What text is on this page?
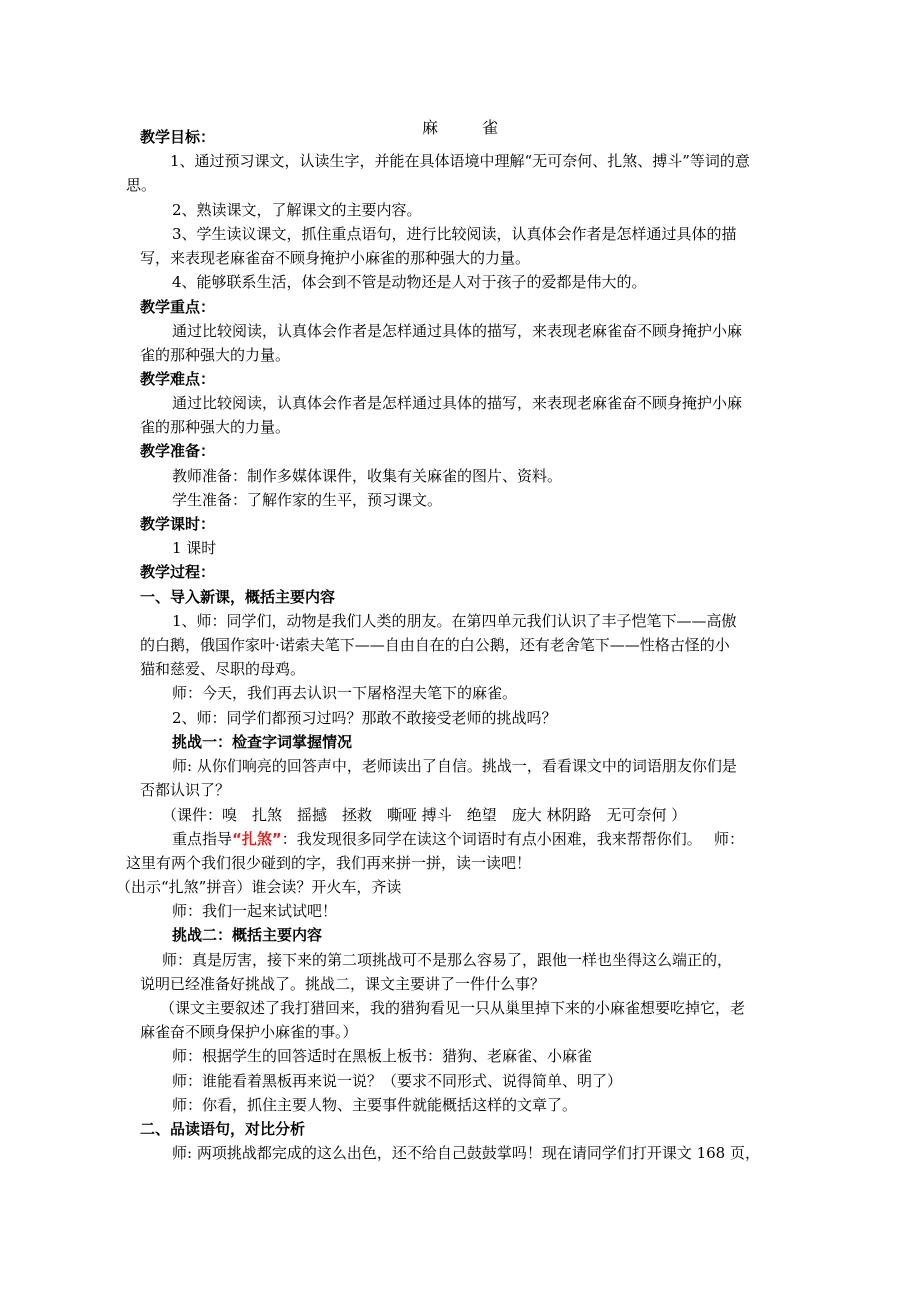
麻	雀
教学目标：
1、通过预习课文，认读生字，并能在具体语境中理解“无可奈何、扎煞、搏斗”等词的意
思。
2、熟读课文，了解课文的主要内容。
3、学生读议课文，抓住重点语句，进行比较阅读，认真体会作者是怎样通过具体的描
写，来表现老麻雀奋不顾身掩护小麻雀的那种强大的力量。
4、能够联系生活，体会到不管是动物还是人对于孩子的爱都是伟大的。
教学重点：
通过比较阅读，认真体会作者是怎样通过具体的描写，来表现老麻雀奋不顾身掩护小麻
雀的那种强大的力量。
教学难点：
通过比较阅读，认真体会作者是怎样通过具体的描写，来表现老麻雀奋不顾身掩护小麻
雀的那种强大的力量。
教学准备：
教师准备：制作多媒体课件，收集有关麻雀的图片、资料。
学生准备：了解作家的生平，预习课文。
教学课时：
1 课时
教学过程：
一、导入新课，概括主要内容
1、师：同学们，动物是我们人类的朋友。在第四单元我们认识了丰子恺笔下——高傲
的白鹅，俄国作家叶·诺索夫笔下——自由自在的白公鹅，还有老舍笔下——性格古怪的小
猫和慈爱、尽职的母鸡。
师：今天，我们再去认识一下屠格涅夫笔下的麻雀。
2、师：同学们都预习过吗？那敢不敢接受老师的挑战吗？
挑战一：检查字词掌握情况
师: 从你们响亮的回答声中，老师读出了自信。挑战一，看看课文中的词语朋友你们是
否都认识了？
（课件：嗅　扎煞　摇撼　拯救　嘶哑 搏斗　绝望　庞大 林阴路　无可奈何 ）
这里有两个我们很少碰到的字，我们再来拼一拼，读一读吧！
（出示“扎煞”拼音）谁会读？开火车，齐读
师：我们一起来试试吧！
挑战二：概括主要内容
师：真是厉害，接下来的第二项挑战可不是那么容易了，跟他一样也坐得这么端正的，
说明已经准备好挑战了。挑战二，课文主要讲了一件什么事？
（课文主要叙述了我打猎回来，我的猎狗看见一只从巢里掉下来的小麻雀想要吃掉它，老
麻雀奋不顾身保护小麻雀的事。）
师：根据学生的回答适时在黑板上板书：猎狗、老麻雀、小麻雀
师：谁能看着黑板再来说一说？（要求不同形式、说得简单、明了）
师：你看，抓住主要人物、主要事件就能概括这样的文章了。
二、品读语句，对比分析
师: 两项挑战都完成的这么出色，还不给自己鼓鼓掌吗！现在请同学们打开课文 168 页，
重点指导“扎煞”：我发现很多同学在读这个词语时有点小困难，我来帮帮你们。　 师：
